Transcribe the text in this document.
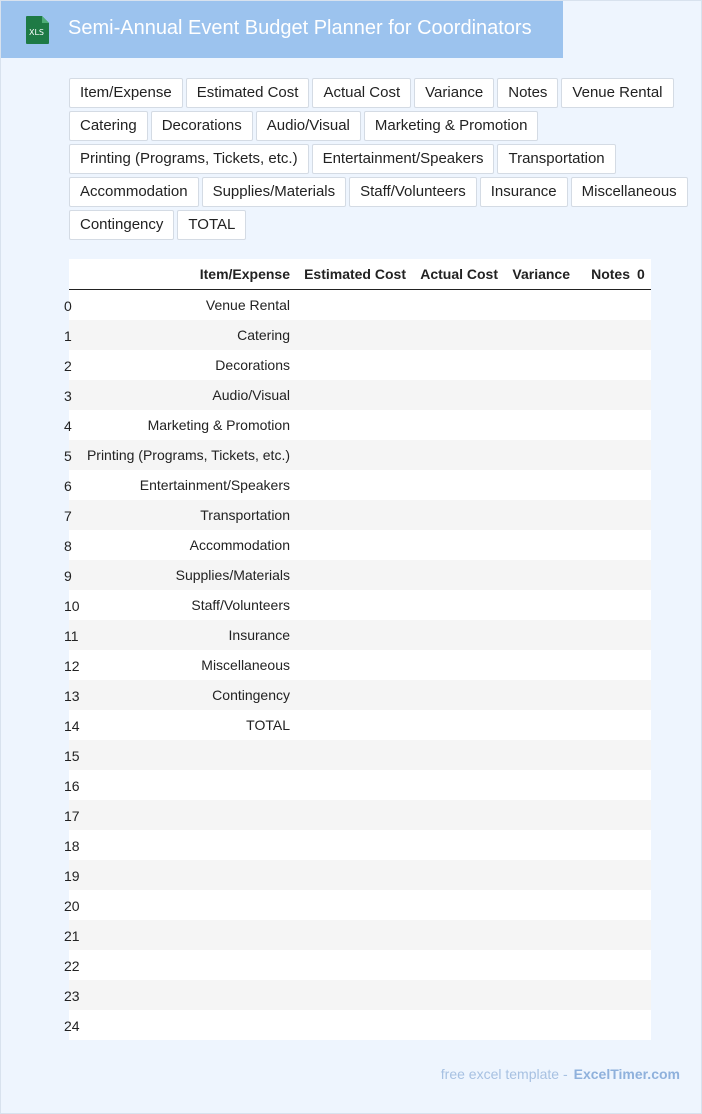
XLS Semi-Annual Event Budget Planner for Coordinators
Item/Expense	Estimated Cost	Actual Cost	Variance	Notes	Venue Rental
Catering	Decorations	Audio/Visual	Marketing & Promotion
Printing (Programs, Tickets, etc.)	Entertainment/Speakers	Transportation
Accommodation	Supplies/Materials	Staff/Volunteers	Insurance	Miscellaneous
Contingency	TOTAL
	Item/Expense	Estimated Cost	Actual Cost	Variance	Notes	0

0	Venue Rental					

1	Catering					

2	Decorations					

3	Audio/Visual					

4	Marketing & Promotion					

5	Printing (Programs, Tickets, etc.)					

6	Entertainment/Speakers					

7	Transportation					

8	Accommodation					

9	Supplies/Materials					

10	Staff/Volunteers					

11	Insurance					

12	Miscellaneous					

13	Contingency					

14	TOTAL					

15						

16						

17						

18						

19						

20						

21						

22						

23						

24						

free excel template - ExcelTimer.com
